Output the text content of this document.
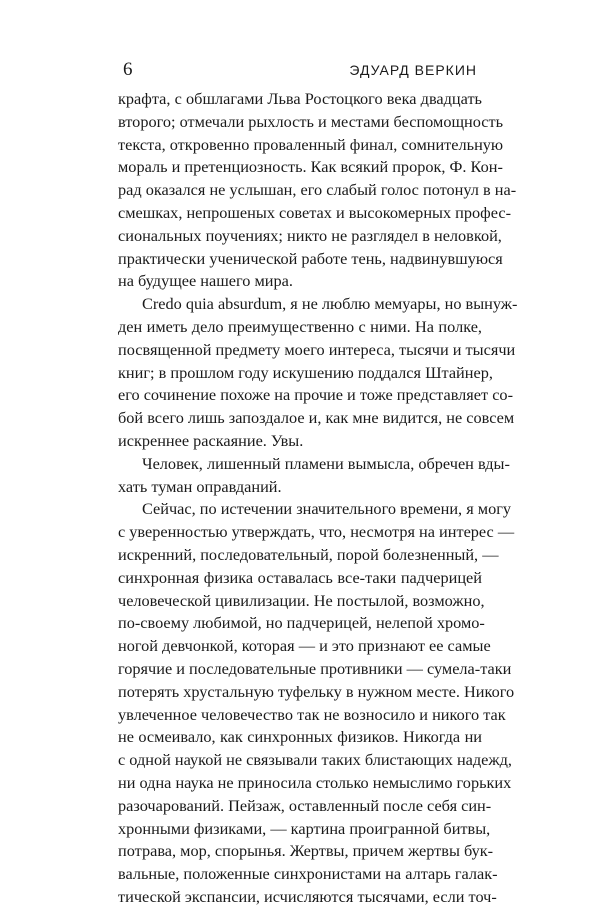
6	ЭДУАРД ВЕРКИН
крафта, с обшлагами Льва Ростоцкого века двадцать
второго; отмечали рыхлость и местами беспомощность
текста, откровенно проваленный финал, сомнительную
мораль и претенциозность. Как всякий пророк, Ф. Кон-
рад оказался не услышан, его слабый голос потонул в на-
смешках, непрошеных советах и высокомерных профес-
сиональных поучениях; никто не разглядел в неловкой,
практически ученической работе тень, надвинувшуюся
на будущее нашего мира.
Credo quia absurdum, я не люблю мемуары, но вынуж-
ден иметь дело преимущественно с ними. На полке,
посвященной предмету моего интереса, тысячи и тысячи
книг; в прошлом году искушению поддался Штайнер,
его сочинение похоже на прочие и тоже представляет со-
бой всего лишь запоздалое и, как мне видится, не совсем
искреннее раскаяние. Увы.
Человек, лишенный пламени вымысла, обречен вды-
хать туман оправданий.
Сейчас, по истечении значительного времени, я могу
с уверенностью утверждать, что, несмотря на интерес —
искренний, последовательный, порой болезненный, —
синхронная физика оставалась все-таки падчерицей
человеческой цивилизации. Не постылой, возможно,
по-своему любимой, но падчерицей, нелепой хромо-
ногой девчонкой, которая — и это признают ее самые
горячие и последовательные противники — сумела-таки
потерять хрустальную туфельку в нужном месте. Никого
увлеченное человечество так не возносило и никого так
не осмеивало, как синхронных физиков. Никогда ни
с одной наукой не связывали таких блистающих надежд,
ни одна наука не приносила столько немыслимо горьких
разочарований. Пейзаж, оставленный после себя син-
хронными физиками, — картина проигранной битвы,
потрава, мор, спорынья. Жертвы, причем жертвы бук-
вальные, положенные синхронистами на алтарь галак-
тической экспансии, исчисляются тысячами, если точ-
